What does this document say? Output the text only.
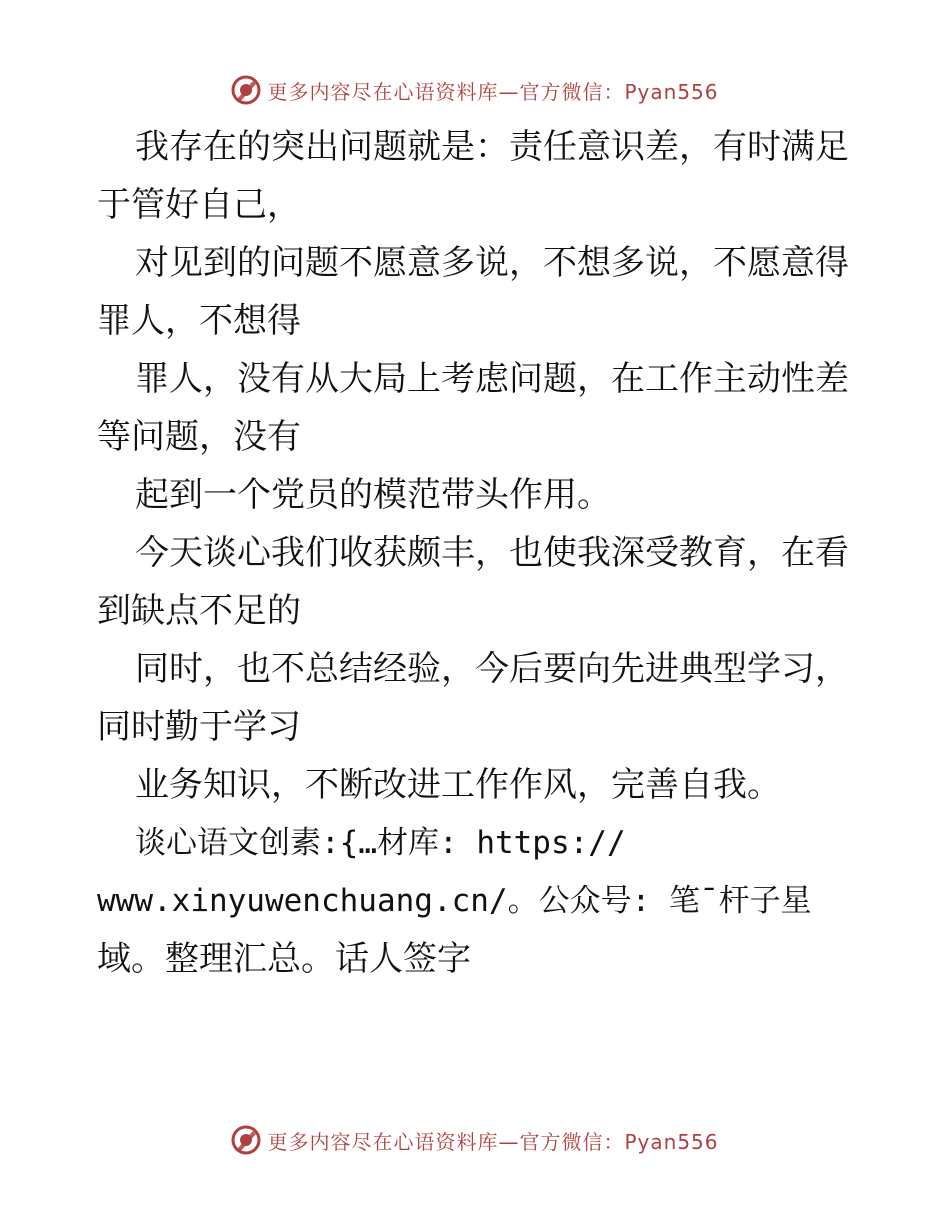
更多内容尽在心语资料库—官方微信：Pyan556
我存在的突出问题就是：责任意识差，有时满足
于管好自己，
对见到的问题不愿意多说，不想多说，不愿意得
罪人，不想得
罪人，没有从大局上考虑问题，在工作主动性差
等问题，没有
起到一个党员的模范带头作用。
今天谈心我们收获颇丰，也使我深受教育，在看
到缺点不足的
同时，也不总结经验，今后要向先进典型学习，
同时勤于学习
业务知识，不断改进工作作风，完善自我。
谈心语文创素:{…材库: https://
www.xinyuwenchuang.cn/。公众号: 笔¯杆子星
域。整理汇总。话人签字
更多内容尽在心语资料库—官方微信：Pyan556
